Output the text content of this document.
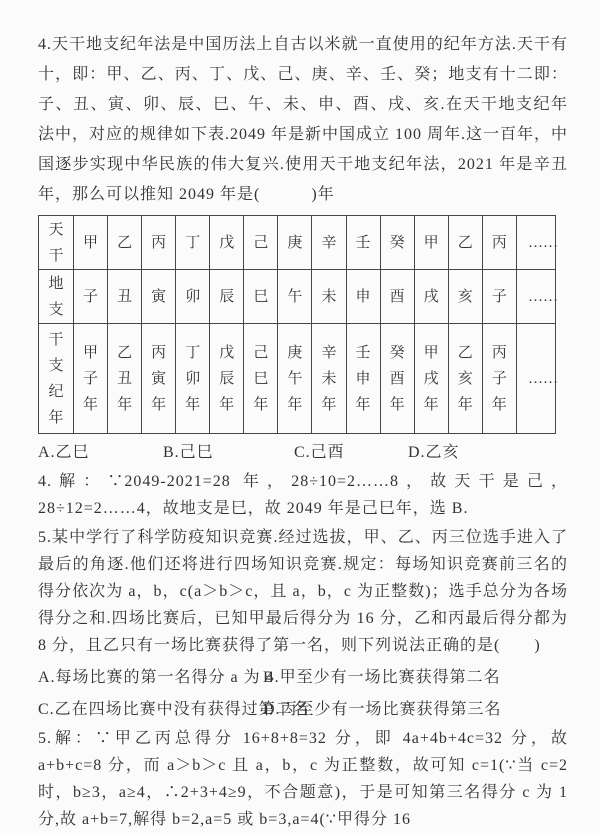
4.天干地支纪年法是中国历法上自古以米就一直使用的纪年方法.天干有十，即：甲、乙、丙、丁、戊、己、庚、辛、壬、癸；地支有十二即：子、丑、寅、卯、辰、巳、午、未、申、酉、戌、亥.在天干地支纪年法中，对应的规律如下表.2049 年是新中国成立 100 周年.这一百年，中国逐步实现中华民族的伟大复兴.使用天干地支纪年法，2021 年是辛丑年，那么可以推知 2049 年是(　　　)年

天干	甲	乙	丙	丁	戊	己	庚	辛	壬	癸	甲	乙	丙	……
地支	子	丑	寅	卯	辰	巳	午	未	申	酉	戌	亥	子	……
干支纪年	甲子年	乙丑年	丙寅年	丁卯年	戊辰年	己巳年	庚午年	辛未年	壬申年	癸酉年	甲戌年	乙亥年	丙子年	……
A.乙巳	B.己巳	C.己酉	D.乙亥

4.解：∵2049-2021=28 年，28÷10=2……8，故天干是己，28÷12=2……4，故地支是巳，故 2049 年是己巳年，选 B.

5.某中学行了科学防疫知识竞赛.经过选拔，甲、乙、丙三位选手进入了最后的角逐.他们还将进行四场知识竞赛.规定：每场知识竞赛前三名的得分依次为 a，b，c(a＞b＞c，且 a，b，c 为正整数)；选手总分为各场得分之和.四场比赛后，已知甲最后得分为 16 分，乙和丙最后得分都为 8 分，且乙只有一场比赛获得了第一名，则下列说法正确的是(　　)

A.每场比赛的第一名得分 a 为 4
B.甲至少有一场比赛获得第二名
C.乙在四场比赛中没有获得过第二名
D.丙至少有一场比赛获得第三名

5.解：∵甲乙丙总得分 16+8+8=32 分，即 4a+4b+4c=32 分，故 a+b+c=8 分，而 a＞b＞c 且 a，b，c 为正整数，故可知 c=1(∵当 c=2 时，b≥3，a≥4，∴2+3+4≥9，不合题意)，于是可知第三名得分 c 为 1 分,故 a+b=7,解得 b=2,a=5 或 b=3,a=4(∵甲得分 16
